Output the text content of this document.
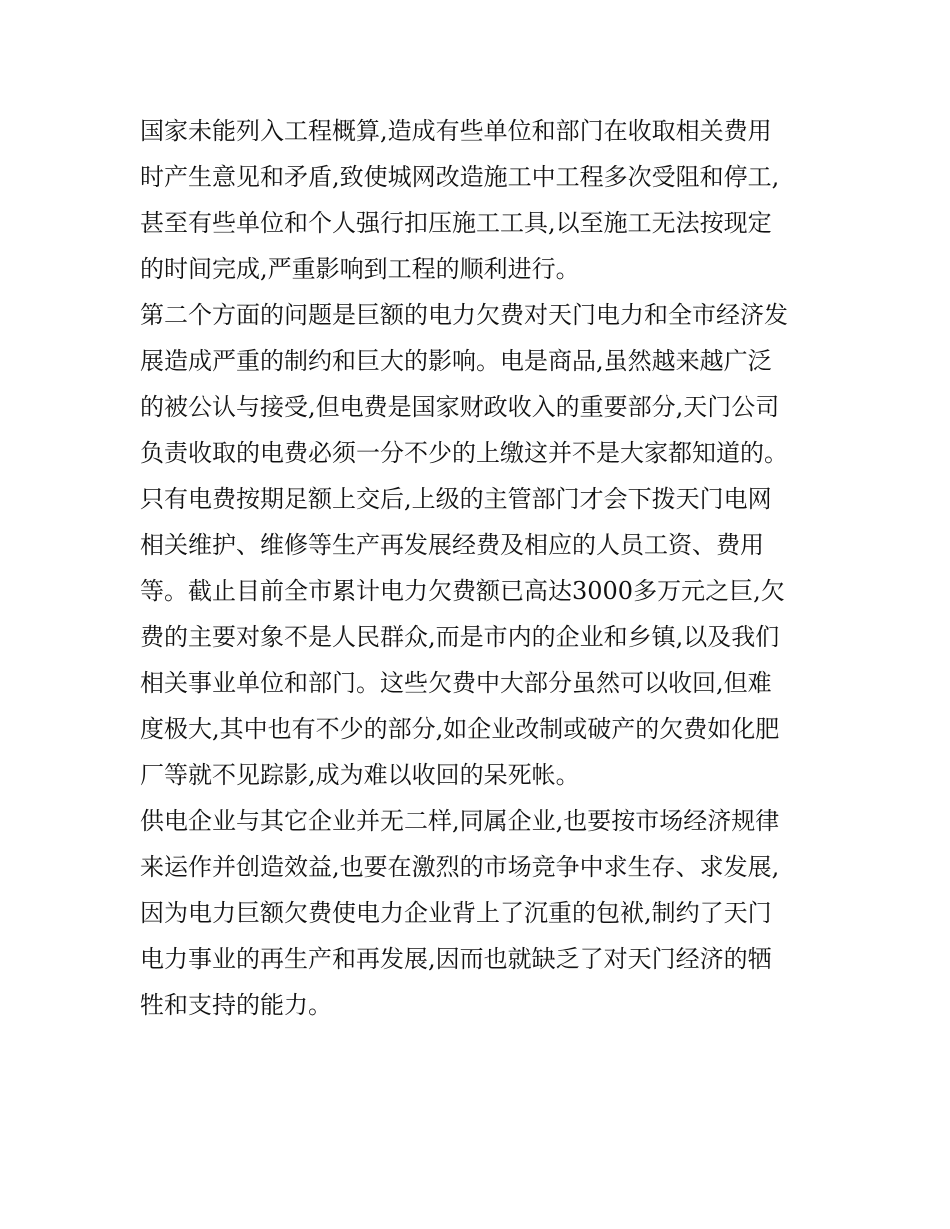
国家未能列入工程概算,造成有些单位和部门在收取相关费用
时产生意见和矛盾,致使城网改造施工中工程多次受阻和停工,
甚至有些单位和个人强行扣压施工工具,以至施工无法按现定
的时间完成,严重影响到工程的顺利进行。
第二个方面的问题是巨额的电力欠费对天门电力和全市经济发
展造成严重的制约和巨大的影响。电是商品,虽然越来越广泛
的被公认与接受,但电费是国家财政收入的重要部分,天门公司
负责收取的电费必须一分不少的上缴这并不是大家都知道的。
只有电费按期足额上交后,上级的主管部门才会下拨天门电网
相关维护、维修等生产再发展经费及相应的人员工资、费用
等。截止目前全市累计电力欠费额已高达3000多万元之巨,欠
费的主要对象不是人民群众,而是市内的企业和乡镇,以及我们
相关事业单位和部门。这些欠费中大部分虽然可以收回,但难
度极大,其中也有不少的部分,如企业改制或破产的欠费如化肥
厂等就不见踪影,成为难以收回的呆死帐。
供电企业与其它企业并无二样,同属企业,也要按市场经济规律
来运作并创造效益,也要在激烈的市场竞争中求生存、求发展,
因为电力巨额欠费使电力企业背上了沉重的包袱,制约了天门
电力事业的再生产和再发展,因而也就缺乏了对天门经济的牺
牲和支持的能力。
